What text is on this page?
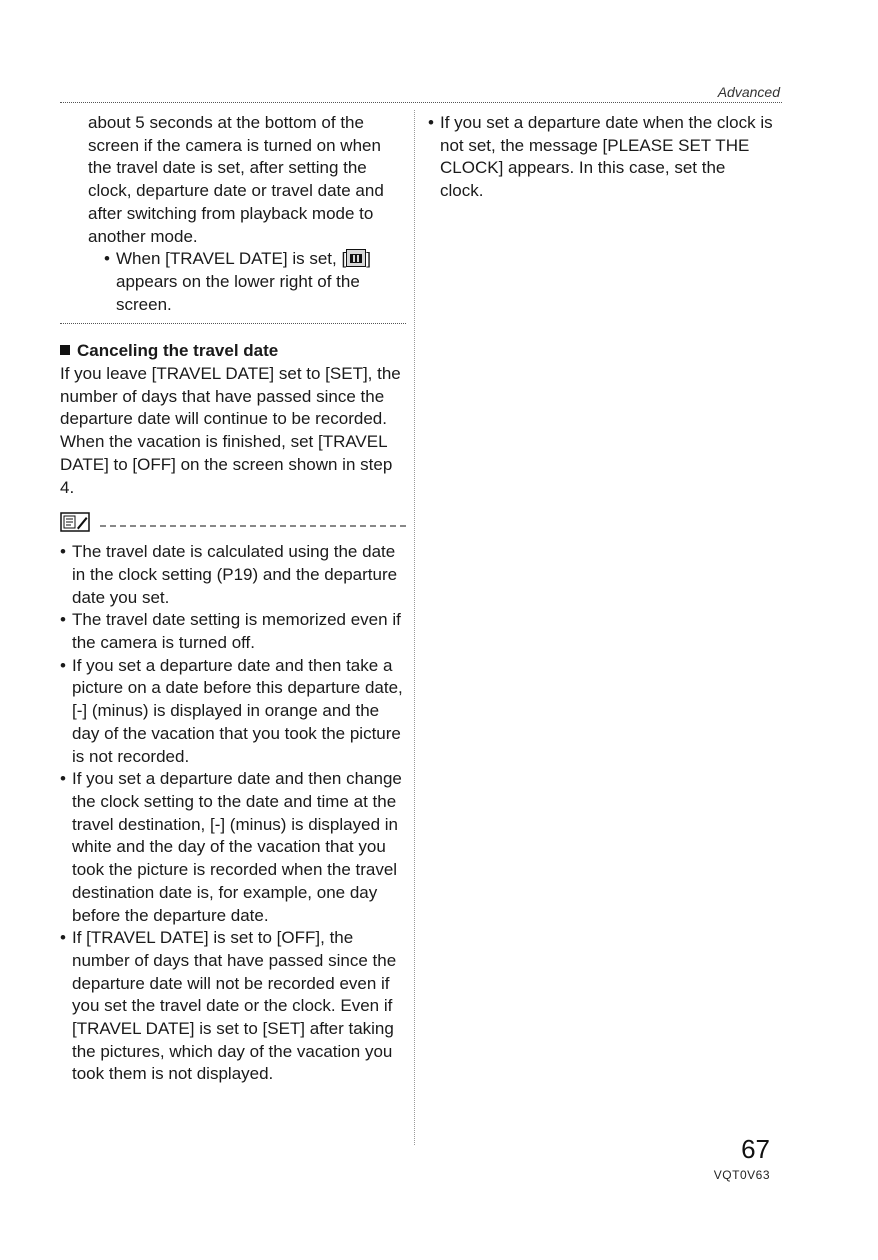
Advanced
about 5 seconds at the bottom of the screen if the camera is turned on when the travel date is set, after setting the clock, departure date or travel date and after switching from playback mode to another mode.
• When [TRAVEL DATE] is set, [ ] appears on the lower right of the screen.
Canceling the travel date
If you leave [TRAVEL DATE] set to [SET], the number of days that have passed since the departure date will continue to be recorded.
When the vacation is finished, set [TRAVEL DATE] to [OFF] on the screen shown in step 4.
• The travel date is calculated using the date in the clock setting (P19) and the departure date you set.
• The travel date setting is memorized even if the camera is turned off.
• If you set a departure date and then take a picture on a date before this departure date, [-] (minus) is displayed in orange and the day of the vacation that you took the picture is not recorded.
• If you set a departure date and then change the clock setting to the date and time at the travel destination, [-] (minus) is displayed in white and the day of the vacation that you took the picture is recorded when the travel destination date is, for example, one day before the departure date.
• If [TRAVEL DATE] is set to [OFF], the number of days that have passed since the departure date will not be recorded even if you set the travel date or the clock. Even if [TRAVEL DATE] is set to [SET] after taking the pictures, which day of the vacation you took them is not displayed.
• If you set a departure date when the clock is not set, the message [PLEASE SET THE CLOCK] appears. In this case, set the clock.
67
VQT0V63
